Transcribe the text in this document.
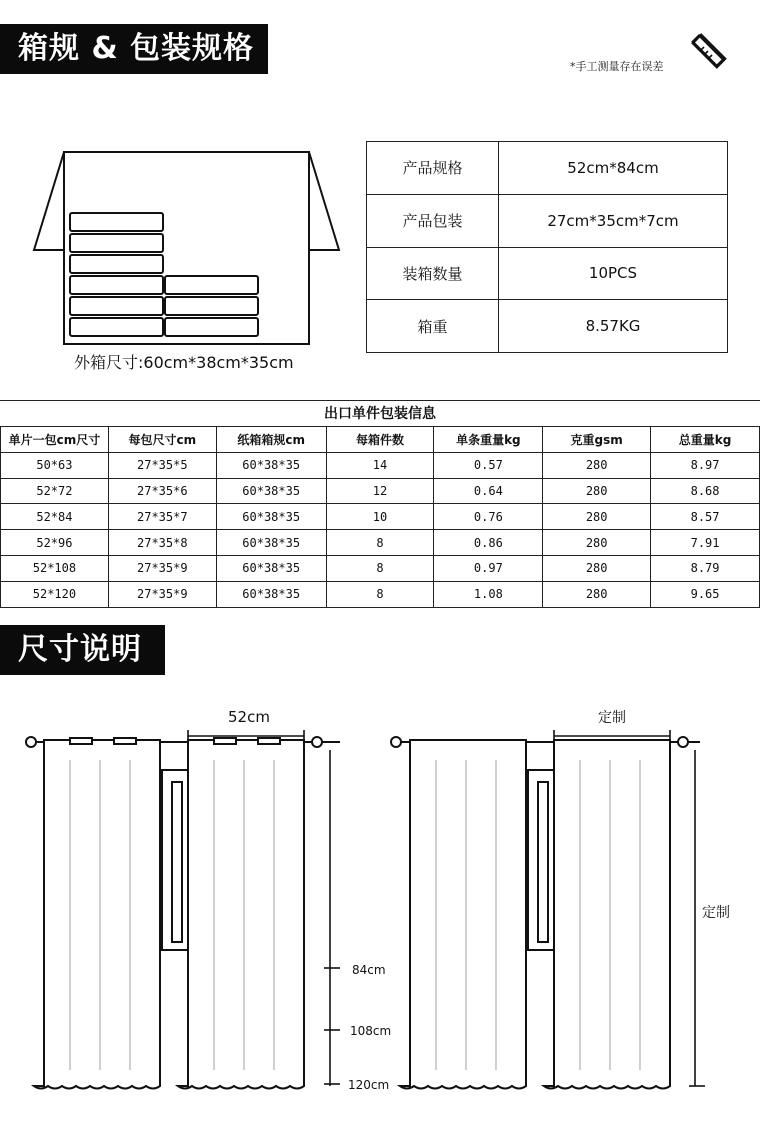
箱规 & 包装规格
*手工测量存在误差
外箱尺寸:60cm*38cm*35cm
产品规格	52cm*84cm
产品包装	27cm*35cm*7cm
装箱数量	10PCS
箱重	8.57KG
出口单件包装信息
单片一包cm尺寸	每包尺寸cm	纸箱箱规cm	每箱件数	单条重量kg	克重gsm	总重量kg
50*63	27*35*5	60*38*35	14	0.57	280	8.97
52*72	27*35*6	60*38*35	12	0.64	280	8.68
52*84	27*35*7	60*38*35	10	0.76	280	8.57
52*96	27*35*8	60*38*35	8	0.86	280	7.91
52*108	27*35*9	60*38*35	8	0.97	280	8.79
52*120	27*35*9	60*38*35	8	1.08	280	9.65
尺寸说明
52cm
84cm
108cm
120cm
定制
定制
